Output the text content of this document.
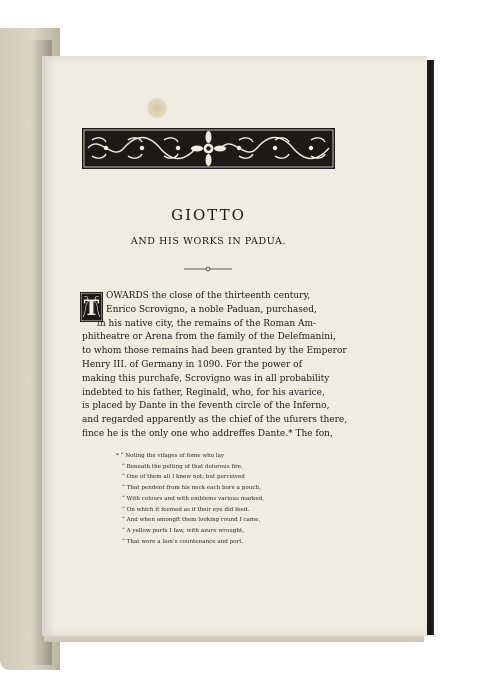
GIOTTO
AND HIS WORKS IN PADUA.
T OWARDS the close of the thirteenth century,
Enrico Scrovigno, a noble Paduan, purchased,
in his native city, the remains of the Roman Am-
phitheatre or Arena from the family of the Delefmanini,
to whom those remains had been granted by the Emperor
Henry III. of Germany in 1090. For the power of
making this purchafe, Scrovigno was in all probability
indebted to his father, Reginald, who, for his avarice,
is placed by Dante in the feventh circle of the Inferno,
and regarded apparently as the chief of the ufurers there,
fince he is the only one who addreffes Dante.* The fon,
* “ Noting the vifages of fome who lay
“ Beneath the pelting of that dolorous fire,
“ One of them all I knew not; but perceived
“ That pendent from his neck each bore a pouch,
“ With colours and with emblems various marked,
“ On which it feemed as if their eye did feed.
“ And when amongft them looking round I came,
“ A yellow purfe I faw, with azure wrought,
“ That wore a lion’s countenance and port.
